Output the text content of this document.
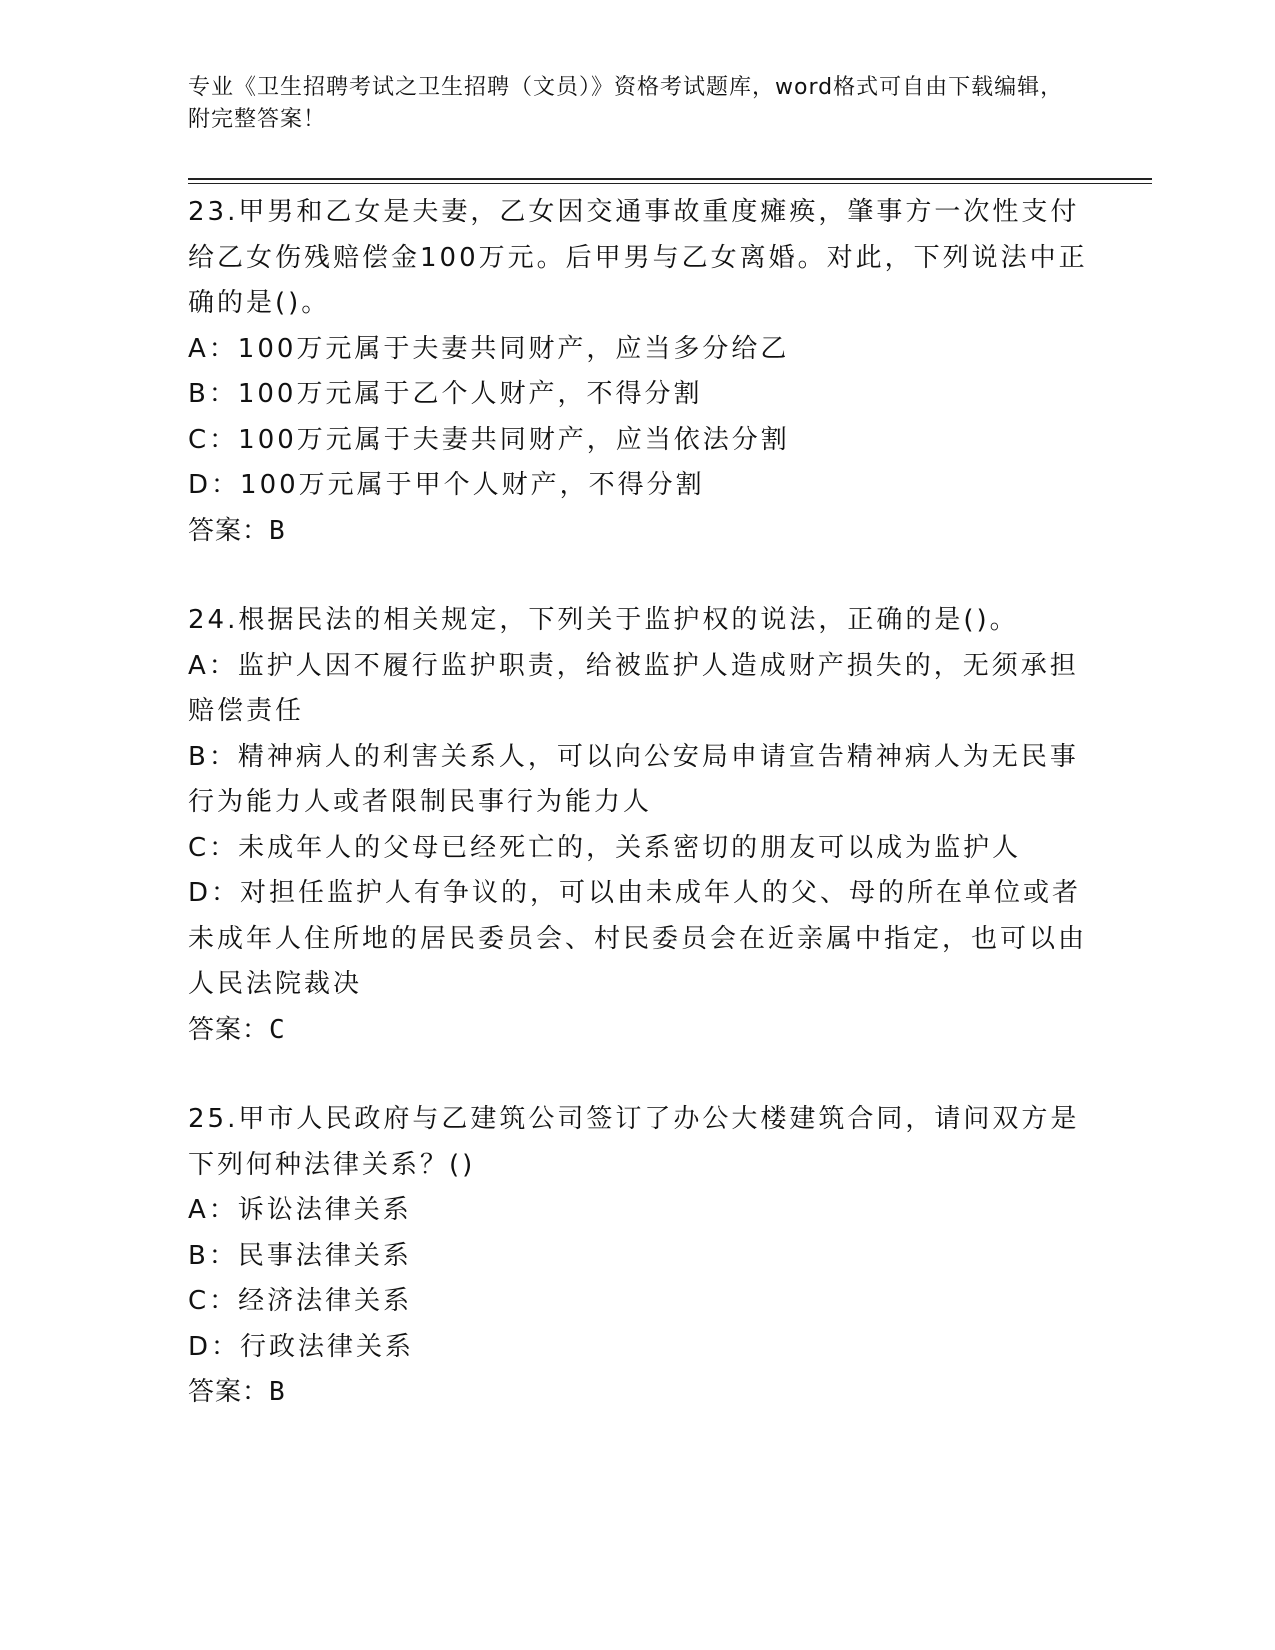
专业《卫生招聘考试之卫生招聘（文员）》资格考试题库，word格式可自由下载编辑，附完整答案！
23.甲男和乙女是夫妻，乙女因交通事故重度瘫痪，肇事方一次性支付给乙女伤残赔偿金100万元。后甲男与乙女离婚。对此，下列说法中正确的是()。
A：100万元属于夫妻共同财产，应当多分给乙
B：100万元属于乙个人财产，不得分割
C：100万元属于夫妻共同财产，应当依法分割
D：100万元属于甲个人财产，不得分割
答案：B
24.根据民法的相关规定，下列关于监护权的说法，正确的是()。
A：监护人因不履行监护职责，给被监护人造成财产损失的，无须承担赔偿责任
B：精神病人的利害关系人，可以向公安局申请宣告精神病人为无民事行为能力人或者限制民事行为能力人
C：未成年人的父母已经死亡的，关系密切的朋友可以成为监护人
D：对担任监护人有争议的，可以由未成年人的父、母的所在单位或者未成年人住所地的居民委员会、村民委员会在近亲属中指定，也可以由人民法院裁决
答案：C
25.甲市人民政府与乙建筑公司签订了办公大楼建筑合同，请问双方是下列何种法律关系？()
A：诉讼法律关系
B：民事法律关系
C：经济法律关系
D：行政法律关系
答案：B
